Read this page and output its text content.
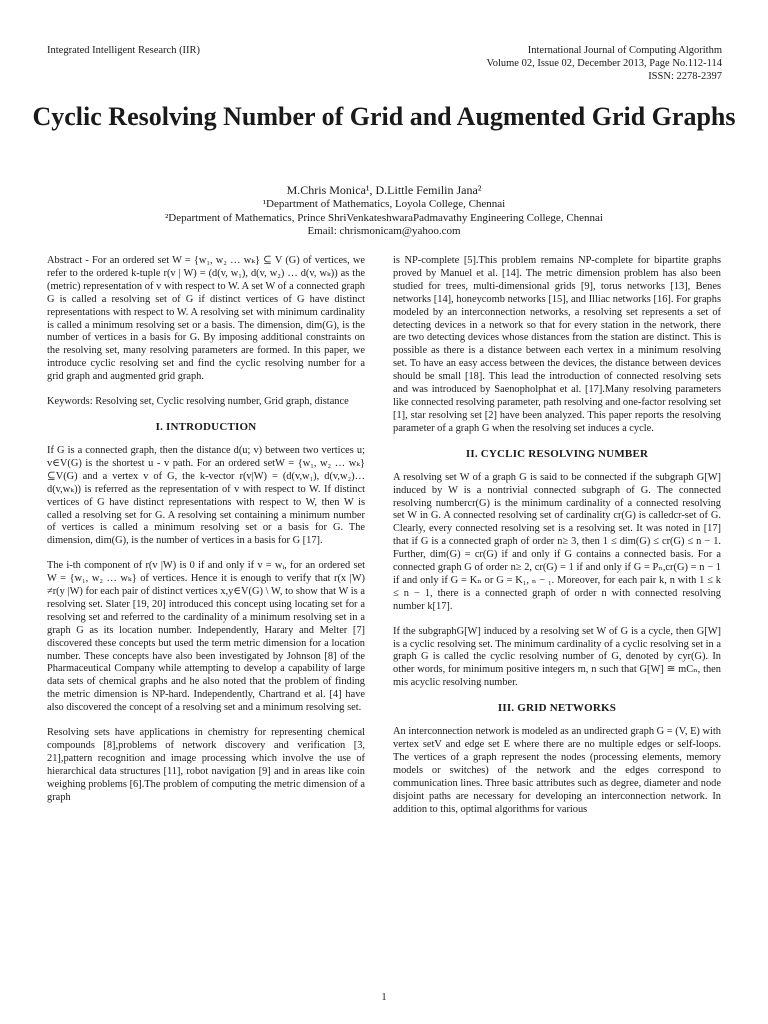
Integrated Intelligent Research (IIR)	International Journal of Computing Algorithm
Volume 02, Issue 02, December 2013, Page No.112-114
ISSN: 2278-2397
Cyclic Resolving Number of Grid and Augmented Grid Graphs
M.Chris Monica¹, D.Little Femilin Jana²
¹Department of Mathematics, Loyola College, Chennai
²Department of Mathematics, Prince ShriVenkateshwaraPadmavathy Engineering College, Chennai
Email: chrismonicam@yahoo.com

Abstract - For an ordered set W = {w₁, w₂ … wₖ} ⊆ V (G) of vertices, we refer to the ordered k-tuple r(v | W) = (d(v, w₁), d(v, w₂) … d(v, wₖ)) as the (metric) representation of v with respect to W. A set W of a connected graph G is called a resolving set of G if distinct vertices of G have distinct representations with respect to W. A resolving set with minimum cardinality is called a minimum resolving set or a basis. The dimension, dim(G), is the number of vertices in a basis for G. By imposing additional constraints on the resolving set, many resolving parameters are formed. In this paper, we introduce cyclic resolving set and find the cyclic resolving number for a grid graph and augmented grid graph.

Keywords: Resolving set, Cyclic resolving number, Grid graph, distance

I. INTRODUCTION

If G is a connected graph, then the distance d(u; v) between two vertices u; v∈V(G) is the shortest u - v path. For an ordered setW = {w₁, w₂ … wₖ}⊆V(G) and a vertex v of G, the k-vector r(v|W) = (d(v,w₁), d(v,w₂)… d(v,wₖ)) is referred as the representation of v with respect to W. If distinct vertices of G have distinct representations with respect to W, then W is called a resolving set for G. A resolving set containing a minimum number of vertices is called a minimum resolving set or a basis for G. The dimension, dim(G), is the number of vertices in a basis for G [17].

The i-th component of r(v |W) is 0 if and only if v = wᵢ, for an ordered set W = {w₁, w₂ … wₖ} of vertices. Hence it is enough to verify that r(x |W) ≠r(y |W) for each pair of distinct vertices x,y∈V(G) \ W, to show that W is a resolving set. Slater [19, 20] introduced this concept using locating set for a resolving set and referred to the cardinality of a minimum resolving set in a graph G as its location number. Independently, Harary and Melter [7] discovered these concepts but used the term metric dimension for a location number. These concepts have also been investigated by Johnson [8] of the Pharmaceutical Company while attempting to develop a capability of large data sets of chemical graphs and he also noted that the problem of finding the metric dimension is NP-hard. Independently, Chartrand et al. [4] have also discovered the concept of a resolving set and a minimum resolving set.

Resolving sets have applications in chemistry for representing chemical compounds [8],problems of network discovery and verification [3, 21],pattern recognition and image processing which involve the use of hierarchical data structures [11], robot navigation [9] and in areas like coin weighing problems [6].The problem of computing the metric dimension of a graph

is NP-complete [5].This problem remains NP-complete for bipartite graphs proved by Manuel et al. [14]. The metric dimension problem has also been studied for trees, multi-dimensional grids [9], torus networks [13], Benes networks [14], honeycomb networks [15], and Illiac networks [16]. For graphs modeled by an interconnection networks, a resolving set represents a set of detecting devices in a network so that for every station in the network, there are two detecting devices whose distances from the station are distinct. This is possible as there is a distance between each vertex in a minimum resolving set. To have an easy access between the devices, the distance between devices should be small [18]. This lead the introduction of connected resolving sets and was introduced by Saenopholphat et al. [17].Many resolving parameters like connected resolving parameter, path resolving and one-factor resolving set [1], star resolving set [2] have been analyzed. This paper reports the resolving parameter of a graph G when the resolving set induces a cycle.

II. CYCLIC RESOLVING NUMBER

A resolving set W of a graph G is said to be connected if the subgraph G[W] induced by W is a nontrivial connected subgraph of G. The connected resolving numbercr(G) is the minimum cardinality of a connected resolving set W in G. A connected resolving set of cardinality cr(G) is calledcr-set of G. Clearly, every connected resolving set is a resolving set. It was noted in [17] that if G is a connected graph of order n≥ 3, then 1 ≤ dim(G) ≤ cr(G) ≤ n − 1. Further, dim(G) = cr(G) if and only if G contains a connected basis. For a connected graph G of order n≥ 2, cr(G) = 1 if and only if G = Pₙ,cr(G) = n − 1 if and only if G = Kₙ or G = K₁, ₙ − ₁. Moreover, for each pair k, n with 1 ≤ k ≤ n − 1, there is a connected graph of order n with connected resolving number k[17].

If the subgraphG[W] induced by a resolving set W of G is a cycle, then G[W] is a cyclic resolving set. The minimum cardinality of a cyclic resolving set in a graph G is called the cyclic resolving number of G, denoted by cyr(G). In other words, for minimum positive integers m, n such that G[W] ≅ mCₙ, then mis acyclic resolving number.

III. GRID NETWORKS

An interconnection network is modeled as an undirected graph G = (V, E) with vertex setV and edge set E where there are no multiple edges or self-loops. The vertices of a graph represent the nodes (processing elements, memory models or switches) of the network and the edges correspond to communication lines. Three basic attributes such as degree, diameter and node disjoint paths are necessary for developing an interconnection network. In addition to this, optimal algorithms for various

1
